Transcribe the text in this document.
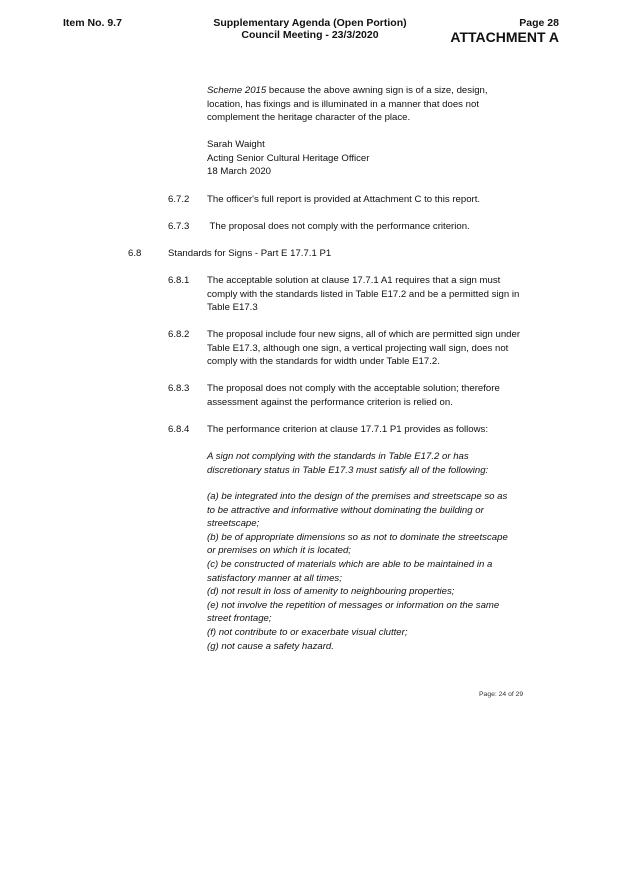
Item No. 9.7	Supplementary Agenda (Open Portion)
Council Meeting - 23/3/2020
Page 28
ATTACHMENT A
Scheme 2015 because the above awning sign is of a size, design,
location, has fixings and is illuminated in a manner that does not
complement the heritage character of the place.
Sarah Waight
Acting Senior Cultural Heritage Officer
18 March 2020
6.7.2 The officer's full report is provided at Attachment C to this report.
6.7.3 The proposal does not comply with the performance criterion.
6.8	Standards for Signs - Part E 17.7.1 P1
6.8.1 The acceptable solution at clause 17.7.1 A1 requires that a sign must
comply with the standards listed in Table E17.2 and be a permitted sign in
Table E17.3
6.8.2 The proposal include four new signs, all of which are permitted sign under
Table E17.3, although one sign, a vertical projecting wall sign, does not
comply with the standards for width under Table E17.2.
6.8.3 The proposal does not comply with the acceptable solution; therefore
assessment against the performance criterion is relied on.
6.8.4 The performance criterion at clause 17.7.1 P1 provides as follows:
A sign not complying with the standards in Table E17.2 or has
discretionary status in Table E17.3 must satisfy all of the following:
(a) be integrated into the design of the premises and streetscape so as
to be attractive and informative without dominating the building or
streetscape;
(b) be of appropriate dimensions so as not to dominate the streetscape
or premises on which it is located;
(c) be constructed of materials which are able to be maintained in a
satisfactory manner at all times;
(d) not result in loss of amenity to neighbouring properties;
(e) not involve the repetition of messages or information on the same
street frontage;
(f) not contribute to or exacerbate visual clutter;
(g) not cause a safety hazard.
Page: 24 of 29
